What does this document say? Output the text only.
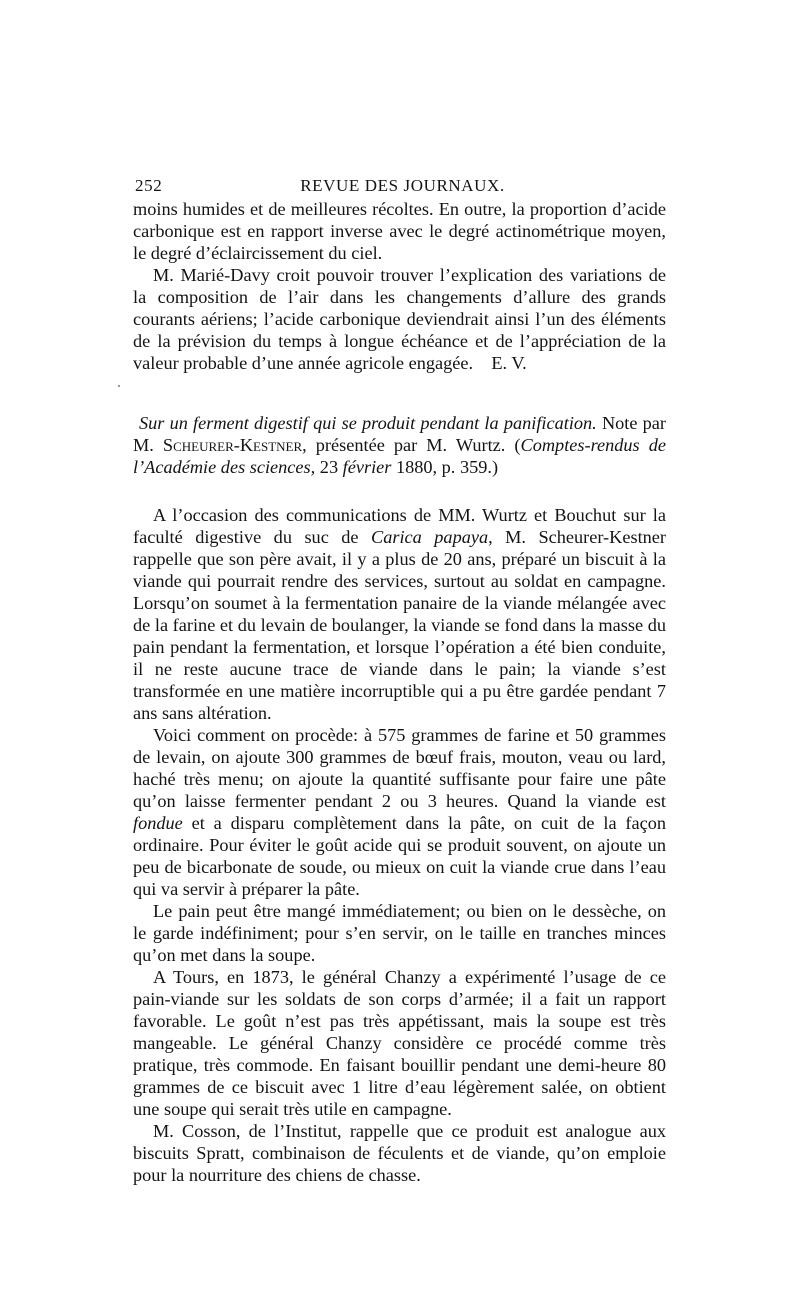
252	REVUE DES JOURNAUX.

moins humides et de meilleures récoltes. En outre, la proportion d’acide carbonique est en rapport inverse avec le degré actinométrique moyen, le degré d’éclaircissement du ciel.

M. Marié-Davy croit pouvoir trouver l’explication des variations de la composition de l’air dans les changements d’allure des grands courants aériens; l’acide carbonique deviendrait ainsi l’un des éléments de la prévision du temps à longue échéance et de l’appréciation de la valeur probable d’une année agricole engagée. E. V.

Sur un ferment digestif qui se produit pendant la panification. Note par M. Scheurer-Kestner, présentée par M. Wurtz. (Comptes-rendus de l’Académie des sciences, 23 février 1880, p. 359.)

A l’occasion des communications de MM. Wurtz et Bouchut sur la faculté digestive du suc de Carica papaya, M. Scheurer-Kestner rappelle que son père avait, il y a plus de 20 ans, préparé un biscuit à la viande qui pourrait rendre des services, surtout au soldat en campagne. Lorsqu’on soumet à la fermentation panaire de la viande mélangée avec de la farine et du levain de boulanger, la viande se fond dans la masse du pain pendant la fermentation, et lorsque l’opération a été bien conduite, il ne reste aucune trace de viande dans le pain; la viande s’est transformée en une matière incorruptible qui a pu être gardée pendant 7 ans sans altération.

Voici comment on procède: à 575 grammes de farine et 50 grammes de levain, on ajoute 300 grammes de bœuf frais, mouton, veau ou lard, haché très menu; on ajoute la quantité suffisante pour faire une pâte qu’on laisse fermenter pendant 2 ou 3 heures. Quand la viande est fondue et a disparu complètement dans la pâte, on cuit de la façon ordinaire. Pour éviter le goût acide qui se produit souvent, on ajoute un peu de bicarbonate de soude, ou mieux on cuit la viande crue dans l’eau qui va servir à préparer la pâte.

Le pain peut être mangé immédiatement; ou bien on le dessèche, on le garde indéfiniment; pour s’en servir, on le taille en tranches minces qu’on met dans la soupe.

A Tours, en 1873, le général Chanzy a expérimenté l’usage de ce pain-viande sur les soldats de son corps d’armée; il a fait un rapport favorable. Le goût n’est pas très appétissant, mais la soupe est très mangeable. Le général Chanzy considère ce procédé comme très pratique, très commode. En faisant bouillir pendant une demi-heure 80 grammes de ce biscuit avec 1 litre d’eau légèrement salée, on obtient une soupe qui serait très utile en campagne.

M. Cosson, de l’Institut, rappelle que ce produit est analogue aux biscuits Spratt, combinaison de féculents et de viande, qu’on emploie pour la nourriture des chiens de chasse.
